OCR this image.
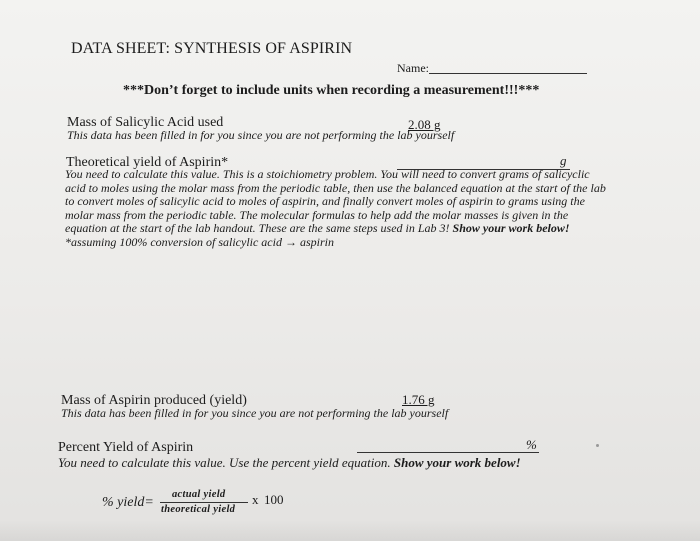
DATA SHEET: SYNTHESIS OF ASPIRIN
Name:
***Don’t forget to include units when recording a measurement!!!***
Mass of Salicylic Acid used	2.08 g
This data has been filled in for you since you are not performing the lab yourself
Theoretical yield of Aspirin*	g
You need to calculate this value. This is a stoichiometry problem. You will need to convert grams of salicyclic acid to moles using the molar mass from the periodic table, then use the balanced equation at the start of the lab to convert moles of salicylic acid to moles of aspirin, and finally convert moles of aspirin to grams using the molar mass from the periodic table. The molecular formulas to help add the molar masses is given in the equation at the start of the lab handout. These are the same steps used in Lab 3! Show your work below! *assuming 100% conversion of salicylic acid → aspirin
Mass of Aspirin produced (yield)	1.76 g
This data has been filled in for you since you are not performing the lab yourself
Percent Yield of Aspirin	%
You need to calculate this value. Use the percent yield equation. Show your work below!
% yield=
actual yield
theoretical yield
x 100
